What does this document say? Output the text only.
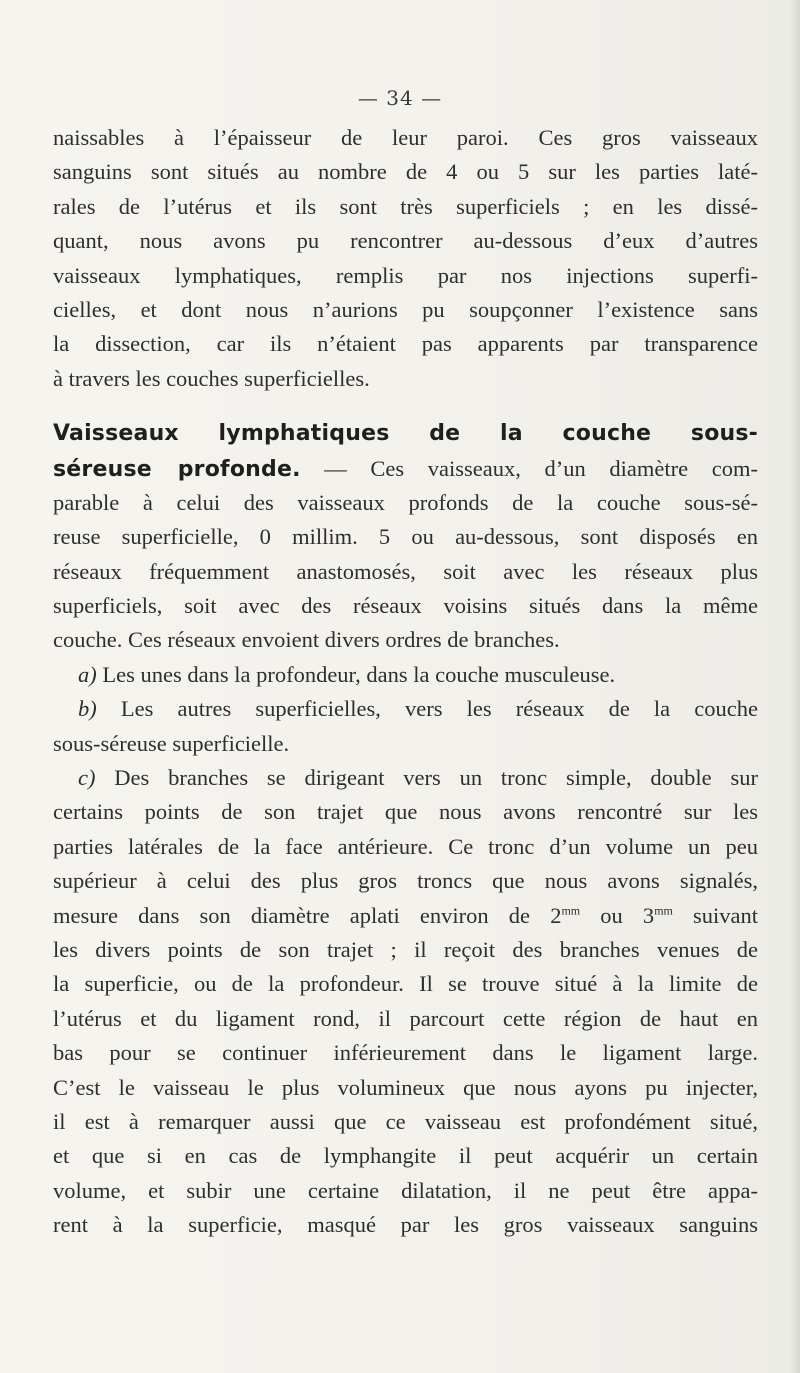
— 34 —
naissables à l’épaisseur de leur paroi. Ces gros vaisseaux
sanguins sont situés au nombre de 4 ou 5 sur les parties laté-
rales de l’utérus et ils sont très superficiels ; en les dissé-
quant, nous avons pu rencontrer au-dessous d’eux d’autres
vaisseaux lymphatiques, remplis par nos injections superfi-
cielles, et dont nous n’aurions pu soupçonner l’existence sans
la dissection, car ils n’étaient pas apparents par transparence
à travers les couches superficielles.
Vaisseaux lymphatiques de la couche sous-
séreuse profonde. — Ces vaisseaux, d’un diamètre com-
parable à celui des vaisseaux profonds de la couche sous-sé-
reuse superficielle, 0 millim. 5 ou au-dessous, sont disposés en
réseaux fréquemment anastomosés, soit avec les réseaux plus
superficiels, soit avec des réseaux voisins situés dans la même
couche. Ces réseaux envoient divers ordres de branches.
a) Les unes dans la profondeur, dans la couche musculeuse.
b) Les autres superficielles, vers les réseaux de la couche
sous-séreuse superficielle.
c) Des branches se dirigeant vers un tronc simple, double sur
certains points de son trajet que nous avons rencontré sur les
parties latérales de la face antérieure. Ce tronc d’un volume un peu
supérieur à celui des plus gros troncs que nous avons signalés,
mesure dans son diamètre aplati environ de $2^{mm}$ ou $3^{mm}$ suivant
les divers points de son trajet ; il reçoit des branches venues de
la superficie, ou de la profondeur. Il se trouve situé à la limite de
l’utérus et du ligament rond, il parcourt cette région de haut en
bas pour se continuer inférieurement dans le ligament large.
C’est le vaisseau le plus volumineux que nous ayons pu injecter,
il est à remarquer aussi que ce vaisseau est profondément situé,
et que si en cas de lymphangite il peut acquérir un certain
volume, et subir une certaine dilatation, il ne peut être appa-
rent à la superficie, masqué par les gros vaisseaux sanguins
